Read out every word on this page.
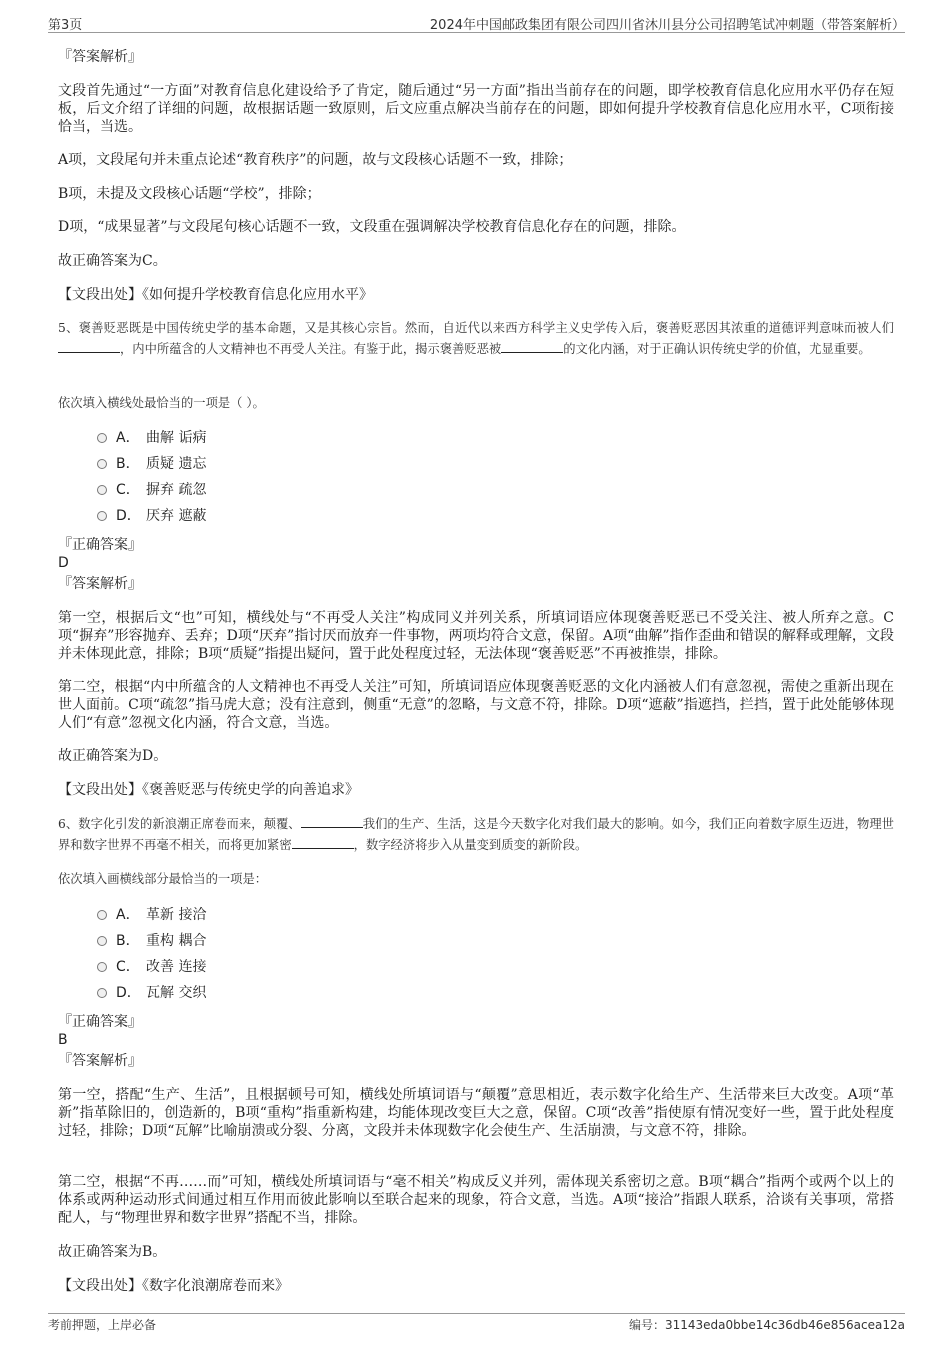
第3页	2024年中国邮政集团有限公司四川省沐川县分公司招聘笔试冲刺题（带答案解析）
『答案解析』

文段首先通过“一方面”对教育信息化建设给予了肯定，随后通过“另一方面”指出当前存在的问题，即学校教育信息化应用水平仍存在短板，后文介绍了详细的问题，故根据话题一致原则，后文应重点解决当前存在的问题，即如何提升学校教育信息化应用水平，C项衔接恰当，当选。

A项，文段尾句并未重点论述“教育秩序”的问题，故与文段核心话题不一致，排除；

B项，未提及文段核心话题“学校”，排除；

D项，“成果显著”与文段尾句核心话题不一致，文段重在强调解决学校教育信息化存在的问题，排除。

故正确答案为C。

【文段出处】《如何提升学校教育信息化应用水平》

5、褒善贬恶既是中国传统史学的基本命题，又是其核心宗旨。然而，自近代以来西方科学主义史学传入后，褒善贬恶因其浓重的道德评判意味而被人们，内中所蕴含的人文精神也不再受人关注。有鉴于此，揭示褒善贬恶被	的文化内涵，对于正确认识传统史学的价值，尤显重要。

依次填入横线处最恰当的一项是（ ）。

A． 曲解 诟病
B． 质疑 遗忘
C． 摒弃 疏忽
D． 厌弃 遮蔽
『正确答案』
D
『答案解析』

第一空，根据后文“也”可知，横线处与“不再受人关注”构成同义并列关系，所填词语应体现褒善贬恶已不受关注、被人所弃之意。C项“摒弃”形容抛弃、丢弃；D项“厌弃”指讨厌而放弃一件事物，两项均符合文意，保留。A项“曲解”指作歪曲和错误的解释或理解，文段并未体现此意，排除；B项“质疑”指提出疑问，置于此处程度过轻，无法体现“褒善贬恶”不再被推崇，排除。

第二空，根据“内中所蕴含的人文精神也不再受人关注”可知，所填词语应体现褒善贬恶的文化内涵被人们有意忽视，需使之重新出现在世人面前。C项“疏忽”指马虎大意；没有注意到，侧重“无意”的忽略，与文意不符，排除。D项“遮蔽”指遮挡，拦挡，置于此处能够体现人们“有意”忽视文化内涵，符合文意，当选。

故正确答案为D。

【文段出处】《褒善贬恶与传统史学的向善追求》

6、数字化引发的新浪潮正席卷而来，颠覆、	我们的生产、生活，这是今天数字化对我们最大的影响。如今，我们正向着数字原生迈进，物理世界和数字世界不再毫不相关，而将更加紧密	，数字经济将步入从量变到质变的新阶段。

依次填入画横线部分最恰当的一项是：

A． 革新 接洽
B． 重构 耦合
C． 改善 连接
D． 瓦解 交织
『正确答案』
B
『答案解析』

第一空，搭配“生产、生活”，且根据顿号可知，横线处所填词语与“颠覆”意思相近，表示数字化给生产、生活带来巨大改变。A项“革新”指革除旧的，创造新的，B项“重构”指重新构建，均能体现改变巨大之意，保留。C项“改善”指使原有情况变好一些，置于此处程度过轻，排除；D项“瓦解”比喻崩溃或分裂、分离，文段并未体现数字化会使生产、生活崩溃，与文意不符，排除。

第二空，根据“不再……而”可知，横线处所填词语与“毫不相关”构成反义并列，需体现关系密切之意。B项“耦合”指两个或两个以上的体系或两种运动形式间通过相互作用而彼此影响以至联合起来的现象，符合文意，当选。A项“接洽”指跟人联系，洽谈有关事项，常搭配人，与“物理世界和数字世界”搭配不当，排除。

故正确答案为B。

【文段出处】《数字化浪潮席卷而来》

考前押题，上岸必备	编号：31143eda0bbe14c36db46e856acea12a
